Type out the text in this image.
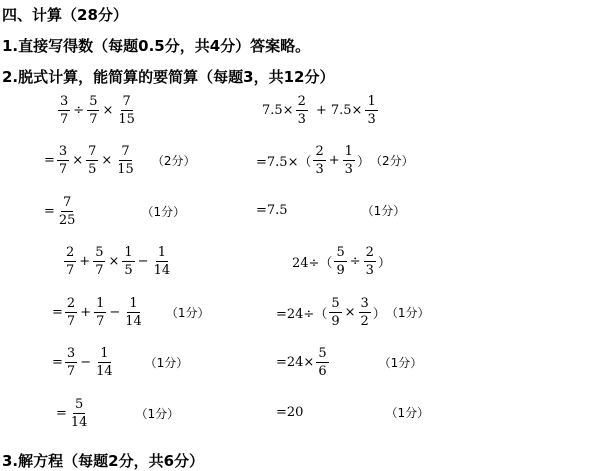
四、计算（28分）
1.直接写得数（每题0.5分，共4分）答案略。
2.脱式计算，能简算的要简算（每题3，共12分）
3.解方程（每题2分，共6分）
$\frac{3}{7} \div \frac{5}{7} \times \frac{7}{15}$
= $\frac{3}{7} \times \frac{7}{5} \times \frac{7}{15} (2$分）
= $\frac{7}{25}$	（1分）
$7.5\times \frac{2}{3} + 7.5\times \frac{1}{3}$
$=7.5\times( \frac{2}{3} + \frac{1}{3}$ ） （2分）
=7.5	（1分）
$\frac{2}{7} + \frac{5}{7} \times \frac{1}{5} - \frac{1}{14}$
= $\frac{2}{7} + \frac{1}{7} - \frac{1}{14} (1$分）
= $\frac{3}{7} - \frac{1}{14}$	（1分）
= $\frac{5}{14}$	（1分）
$24\div( \frac{5}{9} \div \frac{2}{3}$ ）
$=24\div( \frac{5}{9} \times \frac{3}{2}$ ） （1分）
$=24\times \frac{5}{6}$	（1分）
=20	（1分）
